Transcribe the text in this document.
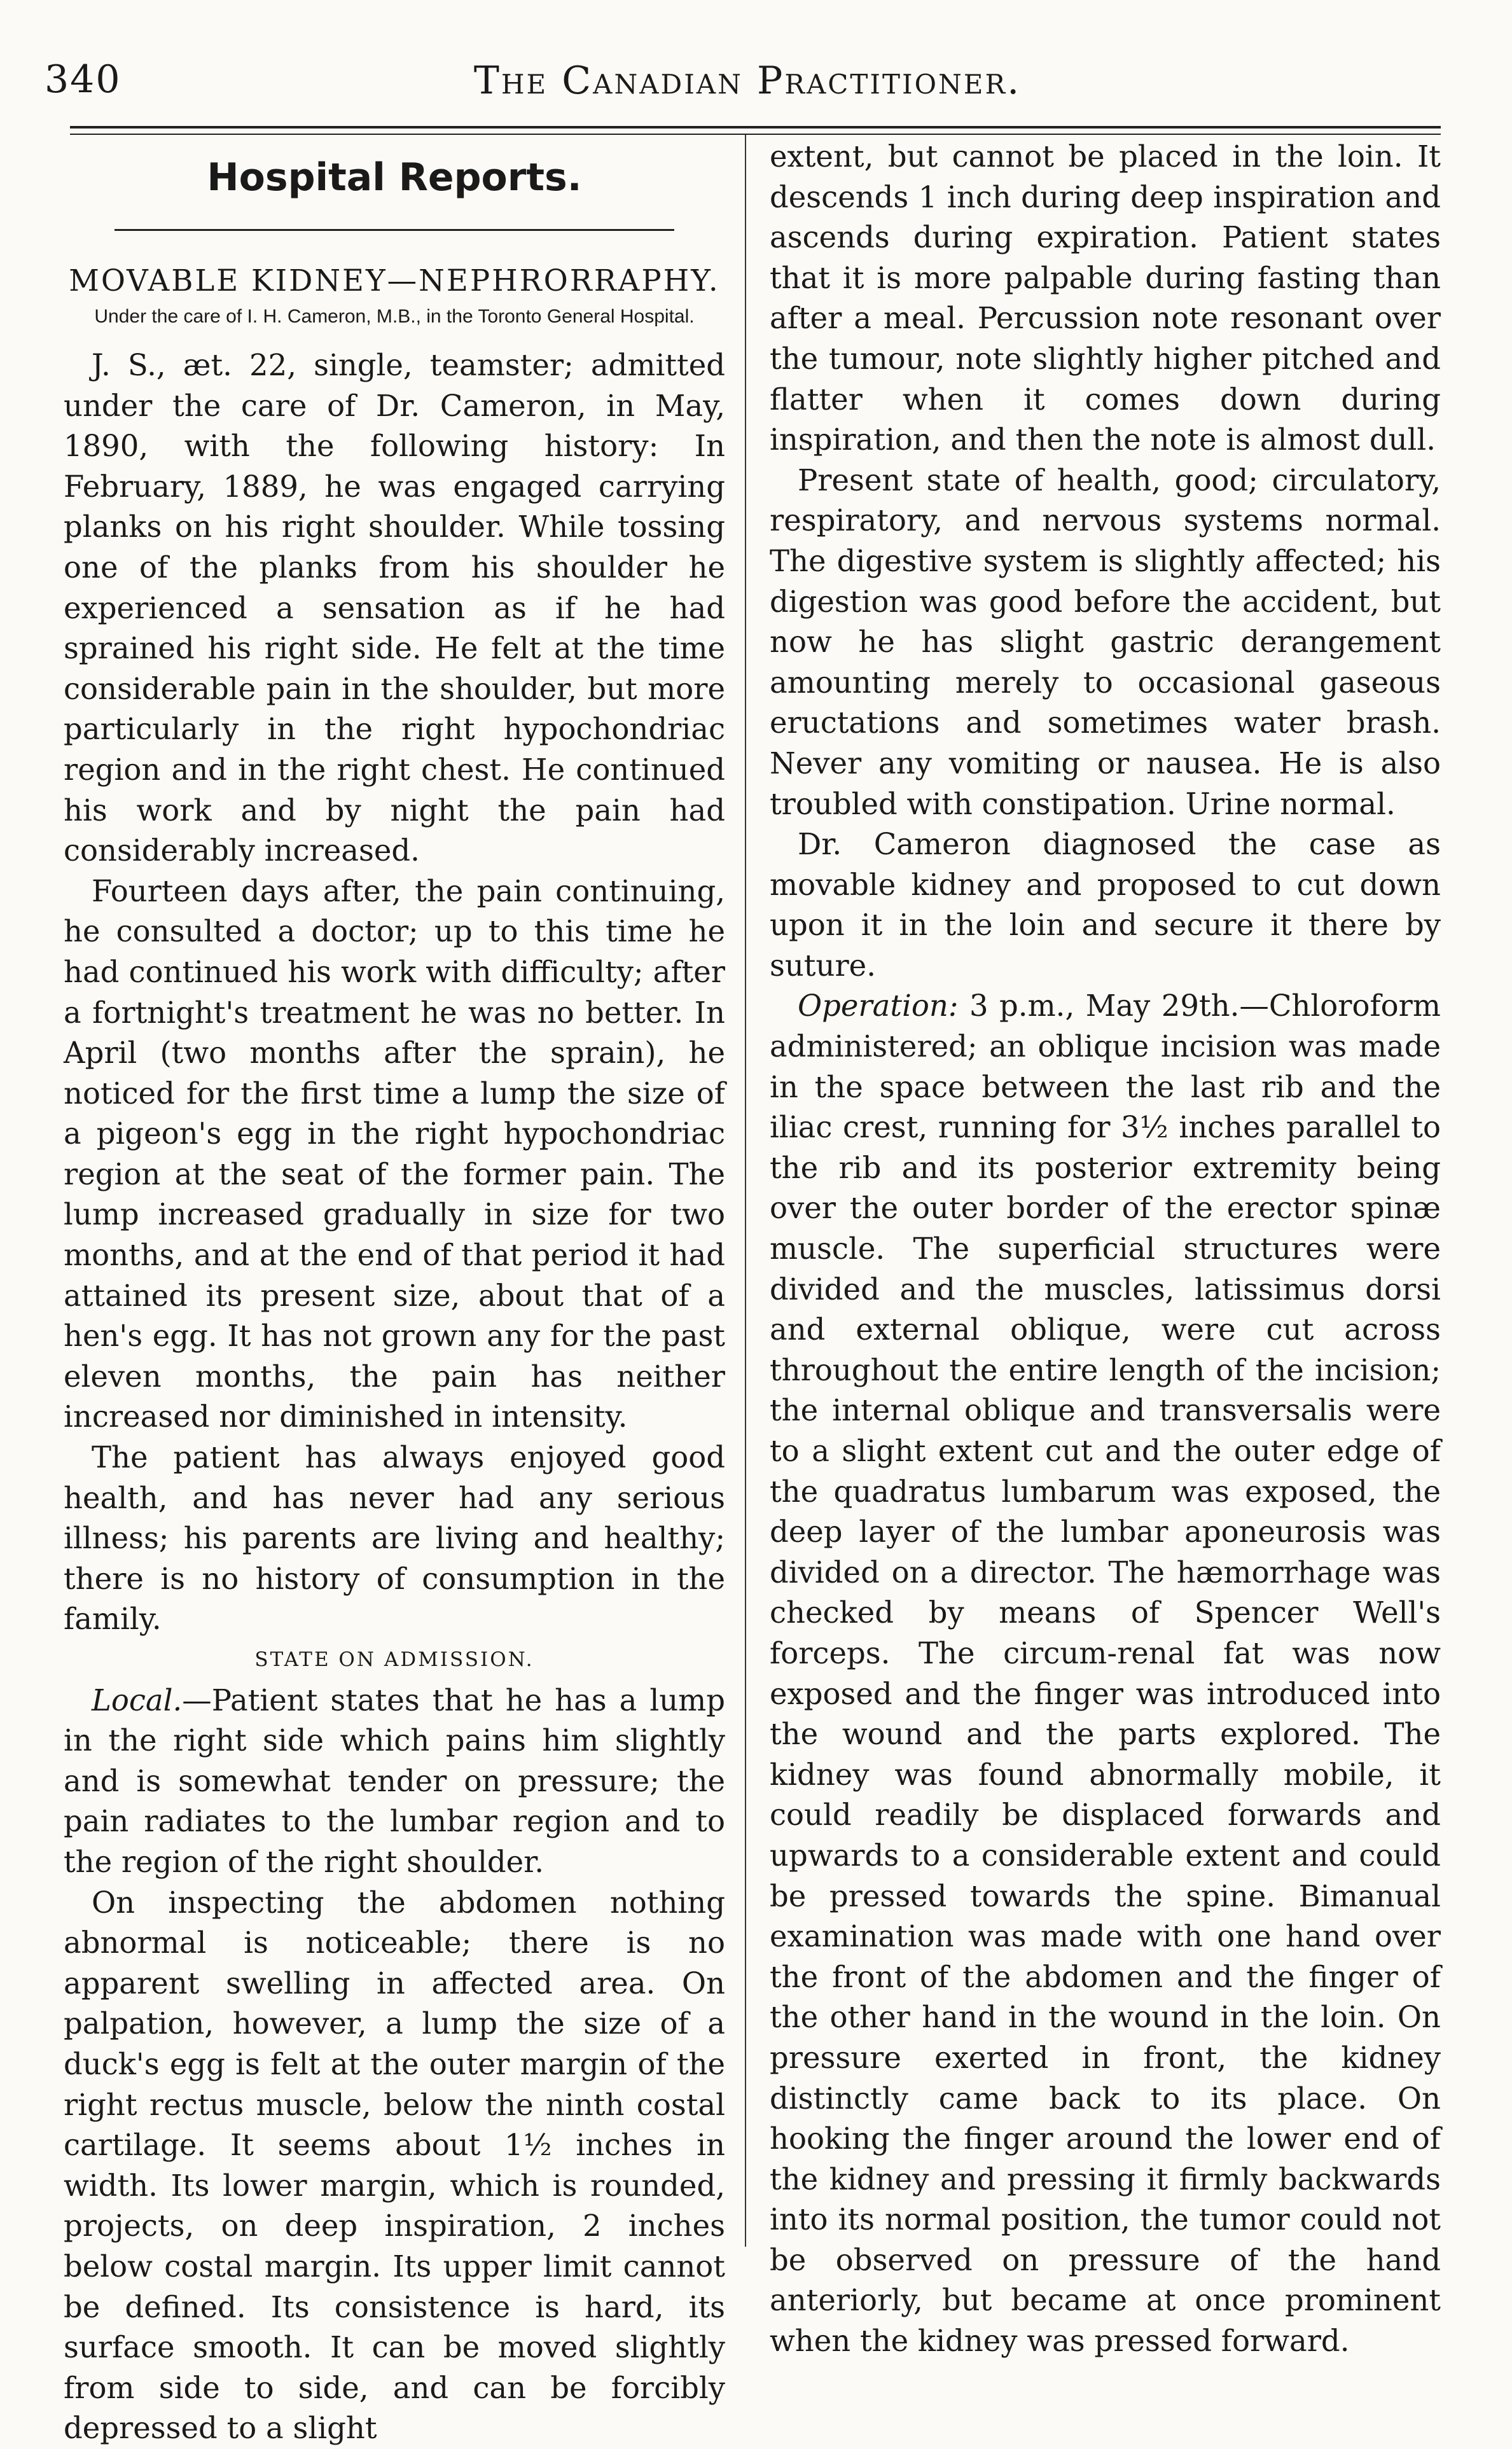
340	The Canadian Practitioner.
Hospital Reports.
MOVABLE KIDNEY—NEPHRORRAPHY.
Under the care of I. H. Cameron, M.B., in the Toronto General Hospital.

J. S., æt. 22, single, teamster; admitted under the care of Dr. Cameron, in May, 1890, with the following history: In February, 1889, he was engaged carrying planks on his right shoulder. While tossing one of the planks from his shoulder he experienced a sensation as if he had sprained his right side. He felt at the time considerable pain in the shoulder, but more particularly in the right hypochondriac region and in the right chest. He continued his work and by night the pain had considerably increased.

Fourteen days after, the pain continuing, he consulted a doctor; up to this time he had continued his work with difficulty; after a fortnight's treatment he was no better. In April (two months after the sprain), he noticed for the first time a lump the size of a pigeon's egg in the right hypochondriac region at the seat of the former pain. The lump increased gradually in size for two months, and at the end of that period it had attained its present size, about that of a hen's egg. It has not grown any for the past eleven months, the pain has neither increased nor diminished in intensity.

The patient has always enjoyed good health, and has never had any serious illness; his parents are living and healthy; there is no history of consumption in the family.

STATE ON ADMISSION.

Local.—Patient states that he has a lump in the right side which pains him slightly and is somewhat tender on pressure; the pain radiates to the lumbar region and to the region of the right shoulder.

On inspecting the abdomen nothing abnormal is noticeable; there is no apparent swelling in affected area. On palpation, however, a lump the size of a duck's egg is felt at the outer margin of the right rectus muscle, below the ninth costal cartilage. It seems about 1½ inches in width. Its lower margin, which is rounded, projects, on deep inspiration, 2 inches below costal margin. Its upper limit cannot be defined. Its consistence is hard, its surface smooth. It can be moved slightly from side to side, and can be forcibly depressed to a slight

extent, but cannot be placed in the loin. It descends 1 inch during deep inspiration and ascends during expiration. Patient states that it is more palpable during fasting than after a meal. Percussion note resonant over the tumour, note slightly higher pitched and flatter when it comes down during inspiration, and then the note is almost dull.

Present state of health, good; circulatory, respiratory, and nervous systems normal. The digestive system is slightly affected; his digestion was good before the accident, but now he has slight gastric derangement amounting merely to occasional gaseous eructations and sometimes water brash. Never any vomiting or nausea. He is also troubled with constipation. Urine normal.

Dr. Cameron diagnosed the case as movable kidney and proposed to cut down upon it in the loin and secure it there by suture.

Operation: 3 p.m., May 29th.—Chloroform administered; an oblique incision was made in the space between the last rib and the iliac crest, running for 3½ inches parallel to the rib and its posterior extremity being over the outer border of the erector spinæ muscle. The superficial structures were divided and the muscles, latissimus dorsi and external oblique, were cut across throughout the entire length of the incision; the internal oblique and transversalis were to a slight extent cut and the outer edge of the quadratus lumbarum was exposed, the deep layer of the lumbar aponeurosis was divided on a director. The hæmorrhage was checked by means of Spencer Well's forceps. The circum-renal fat was now exposed and the finger was introduced into the wound and the parts explored. The kidney was found abnormally mobile, it could readily be displaced forwards and upwards to a considerable extent and could be pressed towards the spine. Bimanual examination was made with one hand over the front of the abdomen and the finger of the other hand in the wound in the loin. On pressure exerted in front, the kidney distinctly came back to its place. On hooking the finger around the lower end of the kidney and pressing it firmly backwards into its normal position, the tumor could not be observed on pressure of the hand anteriorly, but became at once prominent when the kidney was pressed forward.
